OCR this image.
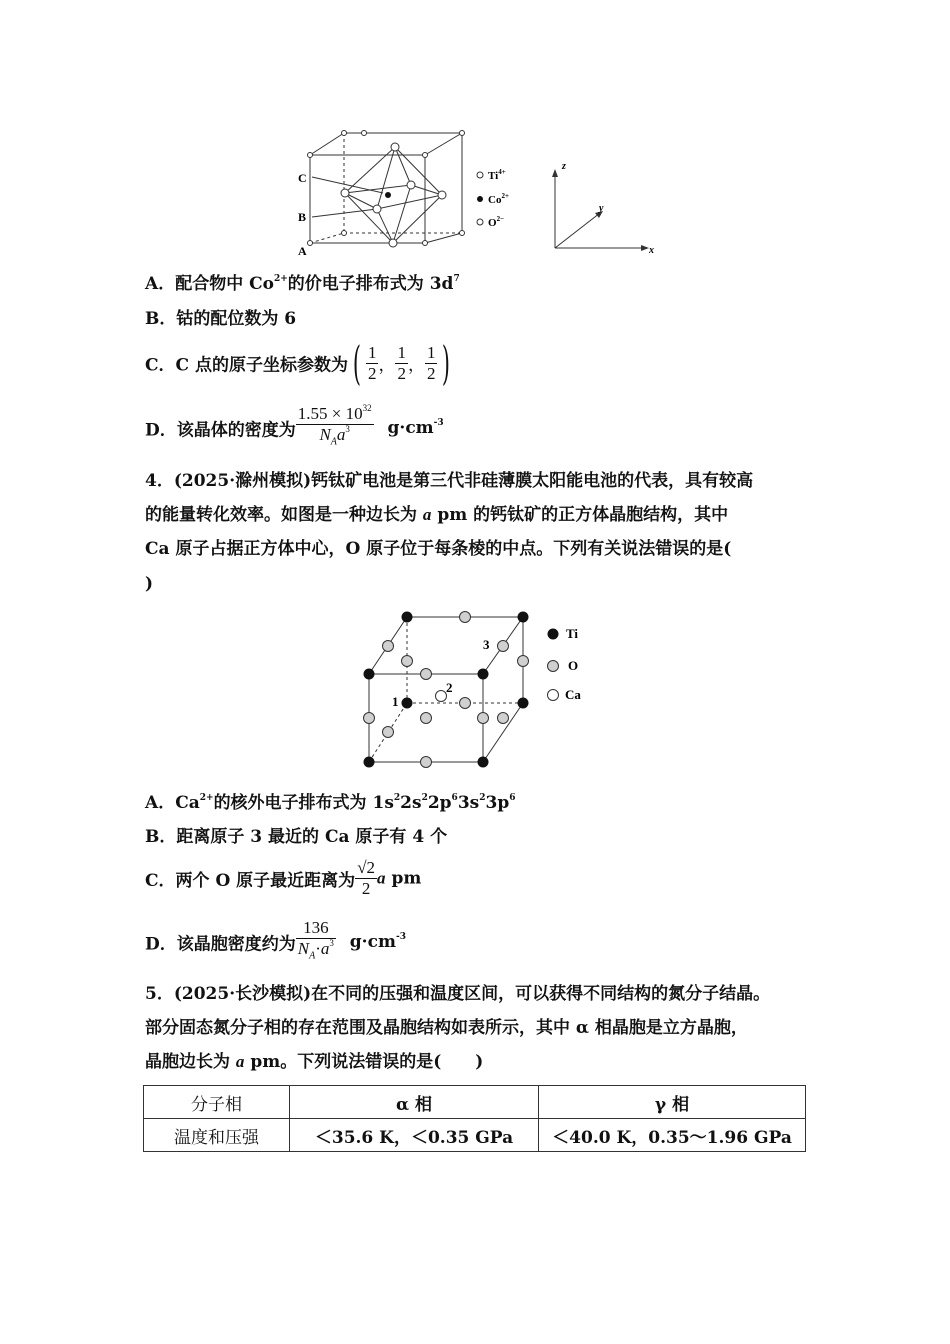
C
B
A
$Ti^{4+}$
$Co^{2+}$
$O^{2-}$
z
y
x
A．配合物中 $Co^{2+}$的价电子排布式为 $3d^7$
B．钴的配位数为 6
C．C 点的原子坐标参数为 ( $\frac{1}{2}$ ， $\frac{1}{2}$ ， $\frac{1}{2}$ )
D．该晶体的密度为 $\frac{1.55 \times 10^{32}}{N_Aa^3} g\cdot cm^{-3}$
4．(2025·滁州模拟)钙钛矿电池是第三代非硅薄膜太阳能电池的代表，具有较高
的能量转化效率。如图是一种边长为 a pm 的钙钛矿的正方体晶胞结构，其中
Ca 原子占据正方体中心，O 原子位于每条棱的中点。下列有关说法错误的是(
)
1
2
3
Ti
O
Ca
A．$Ca^{2+}$的核外电子排布式为 $1s^22s^22p^63s^23p^6$
B．距离原子 3 最近的 Ca 原子有 4 个
C．两个 O 原子最近距离为 $\frac{√2}{2}$ a pm
D．该晶胞密度约为 $\frac{136}{N_A\cdot a^3} g\cdot cm^{-3}$
5．(2025·长沙模拟)在不同的压强和温度区间，可以获得不同结构的氮分子结晶。
部分固态氮分子相的存在范围及晶胞结构如表所示，其中 α 相晶胞是立方晶胞，
晶胞边长为 a pm。下列说法错误的是(　　)
分子相	α 相	γ 相
温度和压强	＜35.6 K，＜0.35 GPa	＜40.0 K，0.35～1.96 GPa
